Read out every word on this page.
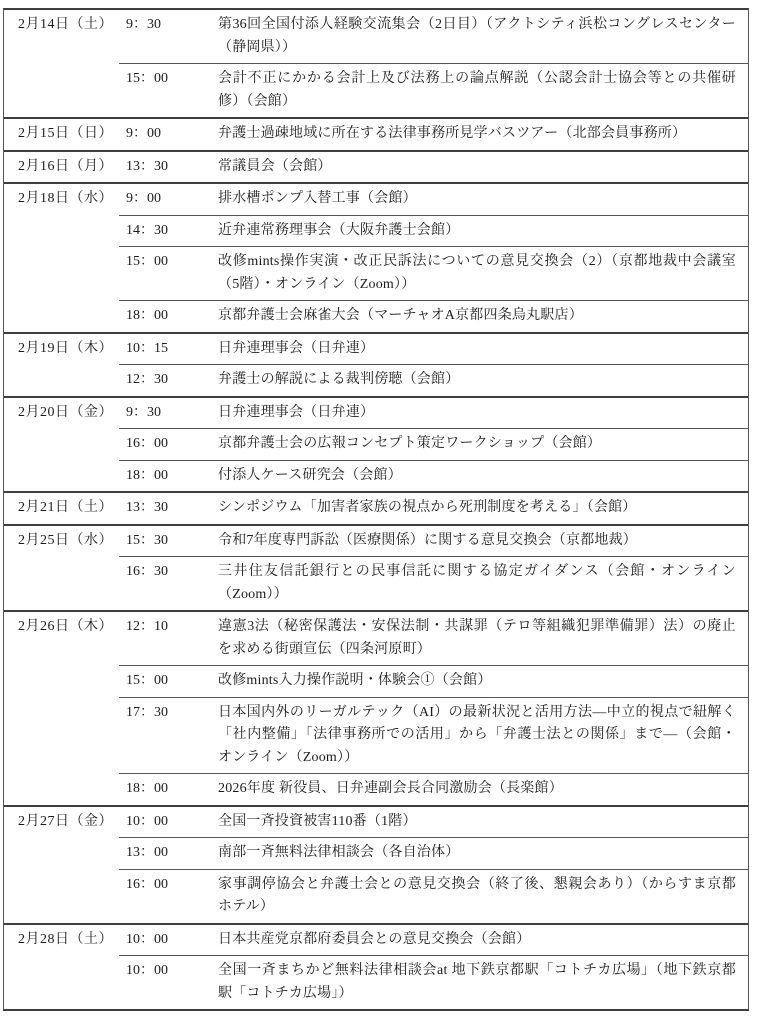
2月14日（土） 9：30	第36回全国付添人経験交流集会（2日目）（アクトシティ浜松コングレスセンター（静岡県））
15：00	会計不正にかかる会計上及び法務上の論点解説（公認会計士協会等との共催研修）（会館）
2月15日（日） 9：00	弁護士過疎地域に所在する法律事務所見学バスツアー（北部会員事務所）
2月16日（月） 13：30	常議員会（会館）
2月18日（水） 9：00	排水槽ポンプ入替工事（会館）
14：30	近弁連常務理事会（大阪弁護士会館）
15：00	改修mints操作実演・改正民訴法についての意見交換会（2）（京都地裁中会議室（5階）・オンライン（Zoom））
18：00	京都弁護士会麻雀大会（マーチャオA京都四条烏丸駅店）
2月19日（木） 10：15	日弁連理事会（日弁連）
12：30	弁護士の解説による裁判傍聴（会館）
2月20日（金） 9：30	日弁連理事会（日弁連）
16：00	京都弁護士会の広報コンセプト策定ワークショップ（会館）
18：00	付添人ケース研究会（会館）
2月21日（土） 13：30	シンポジウム「加害者家族の視点から死刑制度を考える」（会館）
2月25日（水） 15：30	令和7年度専門訴訟（医療関係）に関する意見交換会（京都地裁）
16：30	三井住友信託銀行との民事信託に関する協定ガイダンス（会館・オンライン（Zoom））
2月26日（木） 12：10	違憲3法（秘密保護法・安保法制・共謀罪（テロ等組織犯罪準備罪）法）の廃止を求める街頭宣伝（四条河原町）
15：00	改修mints入力操作説明・体験会①（会館）
17：30	日本国内外のリーガルテック（AI）の最新状況と活用方法―中立的視点で紐解く「社内整備」「法律事務所での活用」から「弁護士法との関係」まで―（会館・オンライン（Zoom））
18：00	2026年度 新役員、日弁連副会長合同激励会（長楽館）
2月27日（金） 10：00	全国一斉投資被害110番（1階）
13：00	南部一斉無料法律相談会（各自治体）
16：00	家事調停協会と弁護士会との意見交換会（終了後、懇親会あり）（からすま京都ホテル）
2月28日（土） 10：00	日本共産党京都府委員会との意見交換会（会館）
10：00	全国一斉まちかど無料法律相談会at 地下鉄京都駅「コトチカ広場」（地下鉄京都駅「コトチカ広場」）
